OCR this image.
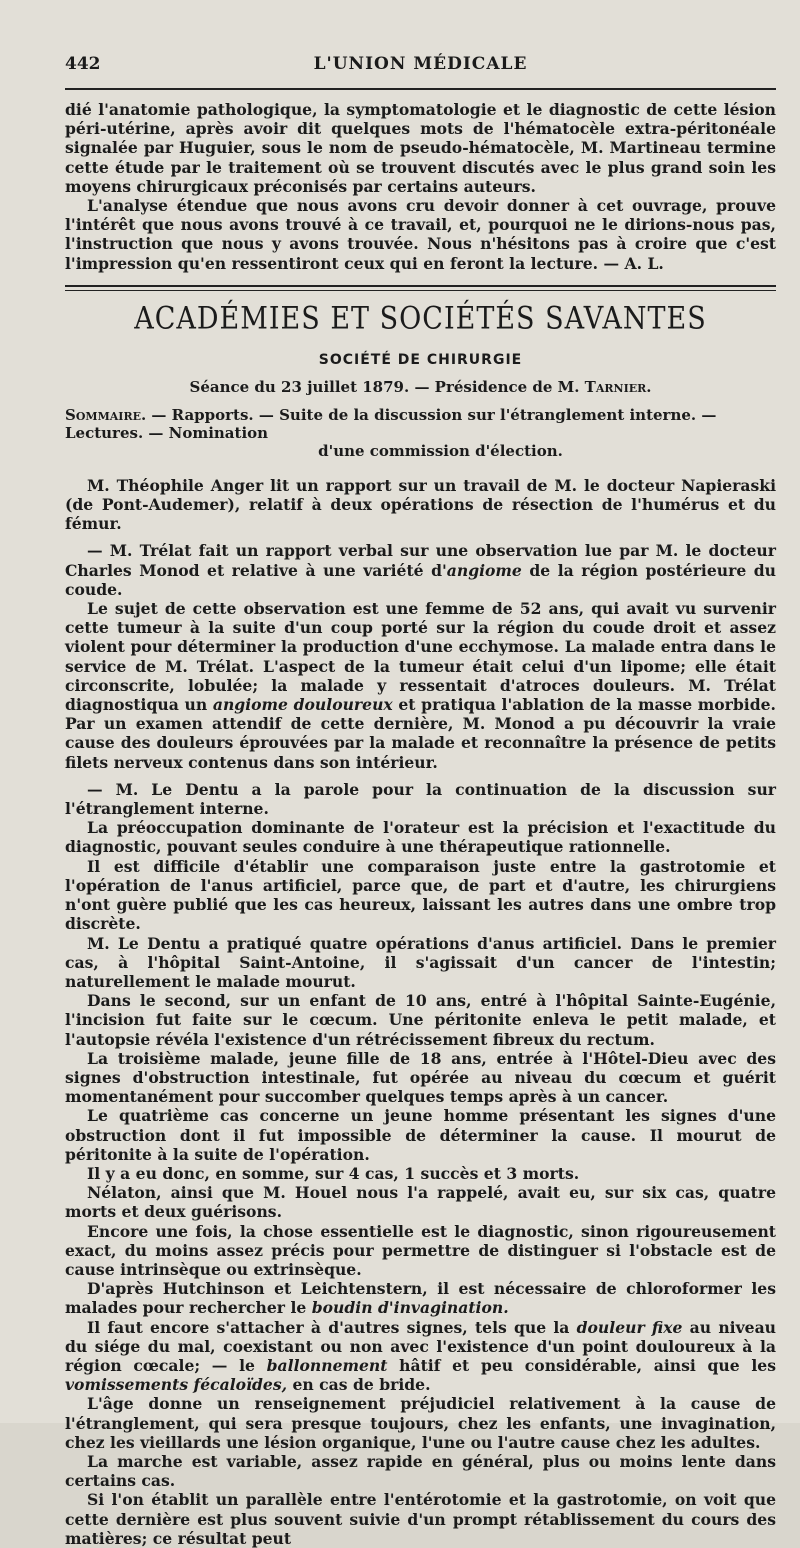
442	L'UNION MÉDICALE

dié l'anatomie pathologique, la symptomatologie et le diagnostic de cette lésion péri-utérine, après avoir dit quelques mots de l'hématocèle extra-péritonéale signalée par Huguier, sous le nom de pseudo-hématocèle, M. Martineau termine cette étude par le traitement où se trouvent discutés avec le plus grand soin les moyens chirurgicaux préconisés par certains auteurs.

L'analyse étendue que nous avons cru devoir donner à cet ouvrage, prouve l'intérêt que nous avons trouvé à ce travail, et, pourquoi ne le dirions-nous pas, l'instruction que nous y avons trouvée. Nous n'hésitons pas à croire que c'est l'impression qu'en ressentiront ceux qui en feront la lecture. — A. L.

ACADÉMIES ET SOCIÉTÉS SAVANTES
SOCIÉTÉ DE CHIRURGIE
Séance du 23 juillet 1879. — Présidence de M. Tarnier.

Sommaire. — Rapports. — Suite de la discussion sur l'étranglement interne. — Lectures. — Nomination

d'une commission d'élection.

M. Théophile Anger lit un rapport sur un travail de M. le docteur Napieraski (de Pont-Audemer), relatif à deux opérations de résection de l'humérus et du fémur.

— M. Trélat fait un rapport verbal sur une observation lue par M. le docteur Charles Monod et relative à une variété d'angiome de la région postérieure du coude.

Le sujet de cette observation est une femme de 52 ans, qui avait vu survenir cette tumeur à la suite d'un coup porté sur la région du coude droit et assez violent pour déterminer la production d'une ecchymose. La malade entra dans le service de M. Trélat. L'aspect de la tumeur était celui d'un lipome; elle était circonscrite, lobulée; la malade y ressentait d'atroces douleurs. M. Trélat diagnostiqua un angiome douloureux et pratiqua l'ablation de la masse morbide. Par un examen attendif de cette dernière, M. Monod a pu découvrir la vraie cause des douleurs éprouvées par la malade et reconnaître la présence de petits filets nerveux contenus dans son intérieur.

— M. Le Dentu a la parole pour la continuation de la discussion sur l'étranglement interne.

La préoccupation dominante de l'orateur est la précision et l'exactitude du diagnostic, pouvant seules conduire à une thérapeutique rationnelle.

Il est difficile d'établir une comparaison juste entre la gastrotomie et l'opération de l'anus artificiel, parce que, de part et d'autre, les chirurgiens n'ont guère publié que les cas heureux, laissant les autres dans une ombre trop discrète.

M. Le Dentu a pratiqué quatre opérations d'anus artificiel. Dans le premier cas, à l'hôpital Saint-Antoine, il s'agissait d'un cancer de l'intestin; naturellement le malade mourut.

Dans le second, sur un enfant de 10 ans, entré à l'hôpital Sainte-Eugénie, l'incision fut faite sur le cœcum. Une péritonite enleva le petit malade, et l'autopsie révéla l'existence d'un rétrécissement fibreux du rectum.

La troisième malade, jeune fille de 18 ans, entrée à l'Hôtel-Dieu avec des signes d'obstruction intestinale, fut opérée au niveau du cœcum et guérit momentanément pour succomber quelques temps après à un cancer.

Le quatrième cas concerne un jeune homme présentant les signes d'une obstruction dont il fut impossible de déterminer la cause. Il mourut de péritonite à la suite de l'opération.

Il y a eu donc, en somme, sur 4 cas, 1 succès et 3 morts.

Nélaton, ainsi que M. Houel nous l'a rappelé, avait eu, sur six cas, quatre morts et deux guérisons.

Encore une fois, la chose essentielle est le diagnostic, sinon rigoureusement exact, du moins assez précis pour permettre de distinguer si l'obstacle est de cause intrinsèque ou extrinsèque.

D'après Hutchinson et Leichtenstern, il est nécessaire de chloroformer les malades pour rechercher le boudin d'invagination.

Il faut encore s'attacher à d'autres signes, tels que la douleur fixe au niveau du siége du mal, coexistant ou non avec l'existence d'un point douloureux à la région cœcale; — le ballonnement hâtif et peu considérable, ainsi que les vomissements fécaloïdes, en cas de bride.

L'âge donne un renseignement préjudiciel relativement à la cause de l'étranglement, qui sera presque toujours, chez les enfants, une invagination, chez les vieillards une lésion organique, l'une ou l'autre cause chez les adultes.

La marche est variable, assez rapide en général, plus ou moins lente dans certains cas.

Si l'on établit un parallèle entre l'entérotomie et la gastrotomie, on voit que cette dernière est plus souvent suivie d'un prompt rétablissement du cours des matières; ce résultat peut
